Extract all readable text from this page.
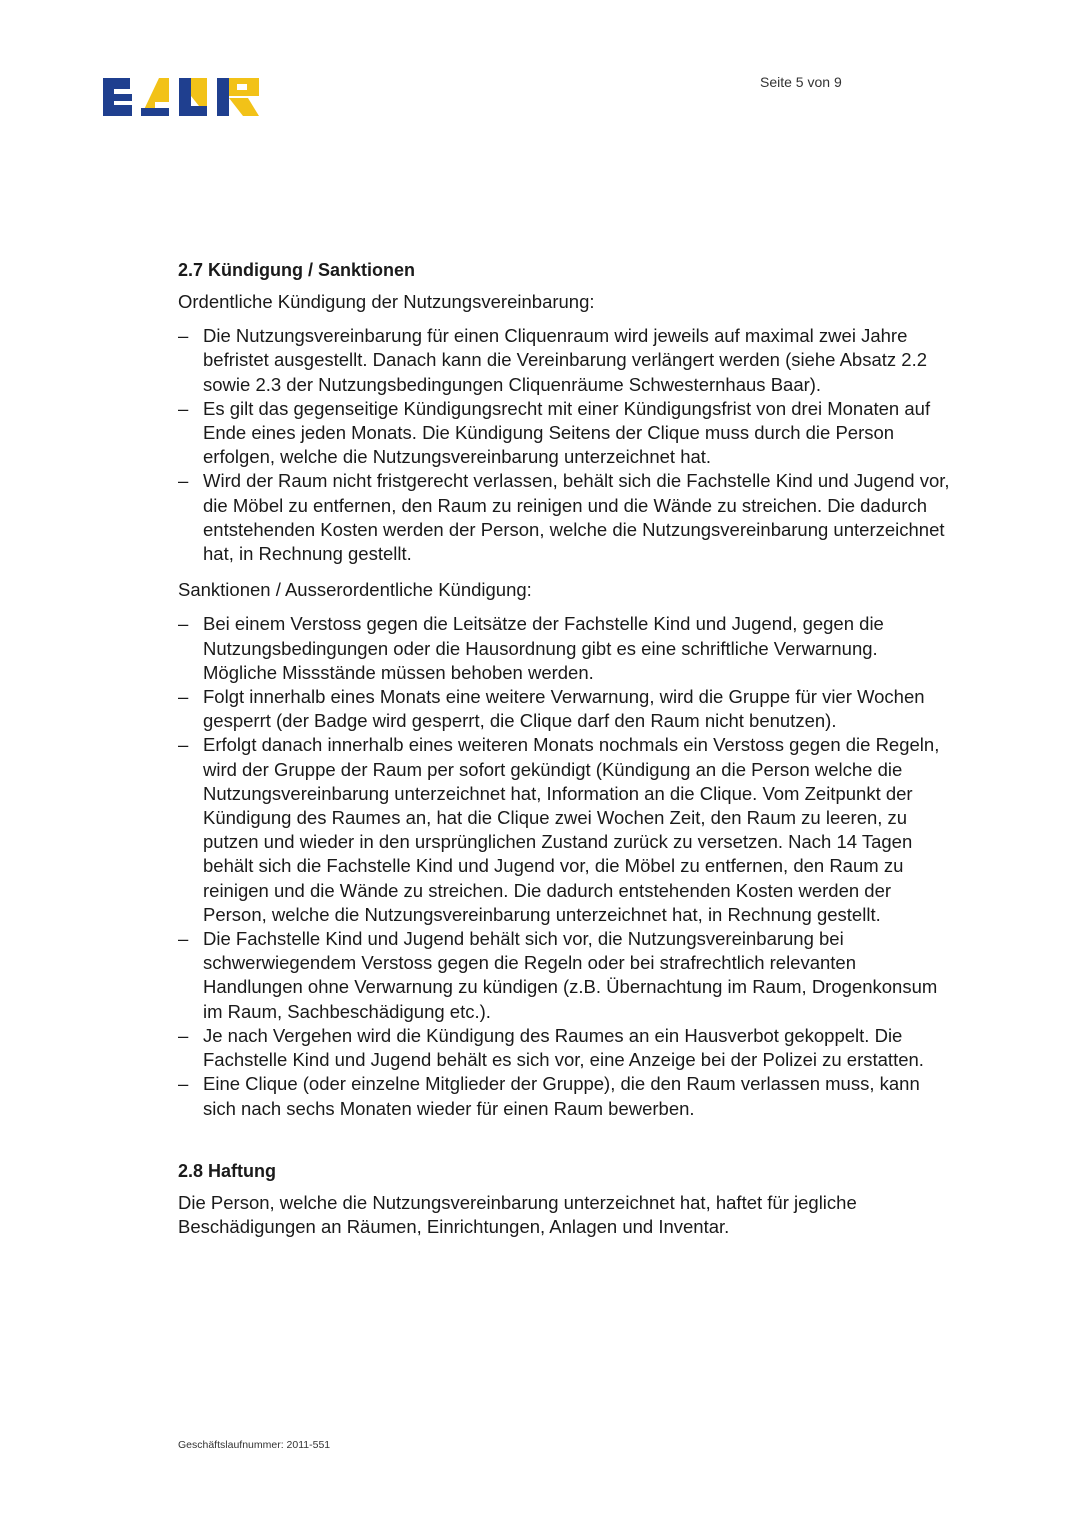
Seite 5 von 9
2.7 Kündigung / Sanktionen

Ordentliche Kündigung der Nutzungsvereinbarung:

– Die Nutzungsvereinbarung für einen Cliquenraum wird jeweils auf maximal zwei Jahre befristet ausgestellt. Danach kann die Vereinbarung verlängert werden (siehe Absatz 2.2 sowie 2.3 der Nutzungsbedingungen Cliquenräume Schwesternhaus Baar).
– Es gilt das gegenseitige Kündigungsrecht mit einer Kündigungsfrist von drei Monaten auf Ende eines jeden Monats. Die Kündigung Seitens der Clique muss durch die Person erfolgen, welche die Nutzungsvereinbarung unterzeichnet hat.
– Wird der Raum nicht fristgerecht verlassen, behält sich die Fachstelle Kind und Jugend vor, die Möbel zu entfernen, den Raum zu reinigen und die Wände zu streichen. Die dadurch entstehenden Kosten werden der Person, welche die Nutzungsvereinbarung unterzeichnet hat, in Rechnung gestellt.

Sanktionen / Ausserordentliche Kündigung:

– Bei einem Verstoss gegen die Leitsätze der Fachstelle Kind und Jugend, gegen die Nutzungsbedingungen oder die Hausordnung gibt es eine schriftliche Verwarnung. Mögliche Missstände müssen behoben werden.
– Folgt innerhalb eines Monats eine weitere Verwarnung, wird die Gruppe für vier Wochen gesperrt (der Badge wird gesperrt, die Clique darf den Raum nicht benutzen).
– Erfolgt danach innerhalb eines weiteren Monats nochmals ein Verstoss gegen die Regeln, wird der Gruppe der Raum per sofort gekündigt (Kündigung an die Person welche die Nutzungsvereinbarung unterzeichnet hat, Information an die Clique. Vom Zeitpunkt der Kündigung des Raumes an, hat die Clique zwei Wochen Zeit, den Raum zu leeren, zu putzen und wieder in den ursprünglichen Zustand zurück zu versetzen. Nach 14 Tagen behält sich die Fachstelle Kind und Jugend vor, die Möbel zu entfernen, den Raum zu reinigen und die Wände zu streichen. Die dadurch entstehenden Kosten werden der Person, welche die Nutzungsvereinbarung unterzeichnet hat, in Rechnung gestellt.
– Die Fachstelle Kind und Jugend behält sich vor, die Nutzungsvereinbarung bei schwerwiegendem Verstoss gegen die Regeln oder bei strafrechtlich relevanten Handlungen ohne Verwarnung zu kündigen (z.B. Übernachtung im Raum, Drogenkonsum im Raum, Sachbeschädigung etc.).
– Je nach Vergehen wird die Kündigung des Raumes an ein Hausverbot gekoppelt. Die Fachstelle Kind und Jugend behält es sich vor, eine Anzeige bei der Polizei zu erstatten.
– Eine Clique (oder einzelne Mitglieder der Gruppe), die den Raum verlassen muss, kann sich nach sechs Monaten wieder für einen Raum bewerben.
2.8 Haftung

Die Person, welche die Nutzungsvereinbarung unterzeichnet hat, haftet für jegliche Beschädigungen an Räumen, Einrichtungen, Anlagen und Inventar.

Geschäftslaufnummer: 2011-551
